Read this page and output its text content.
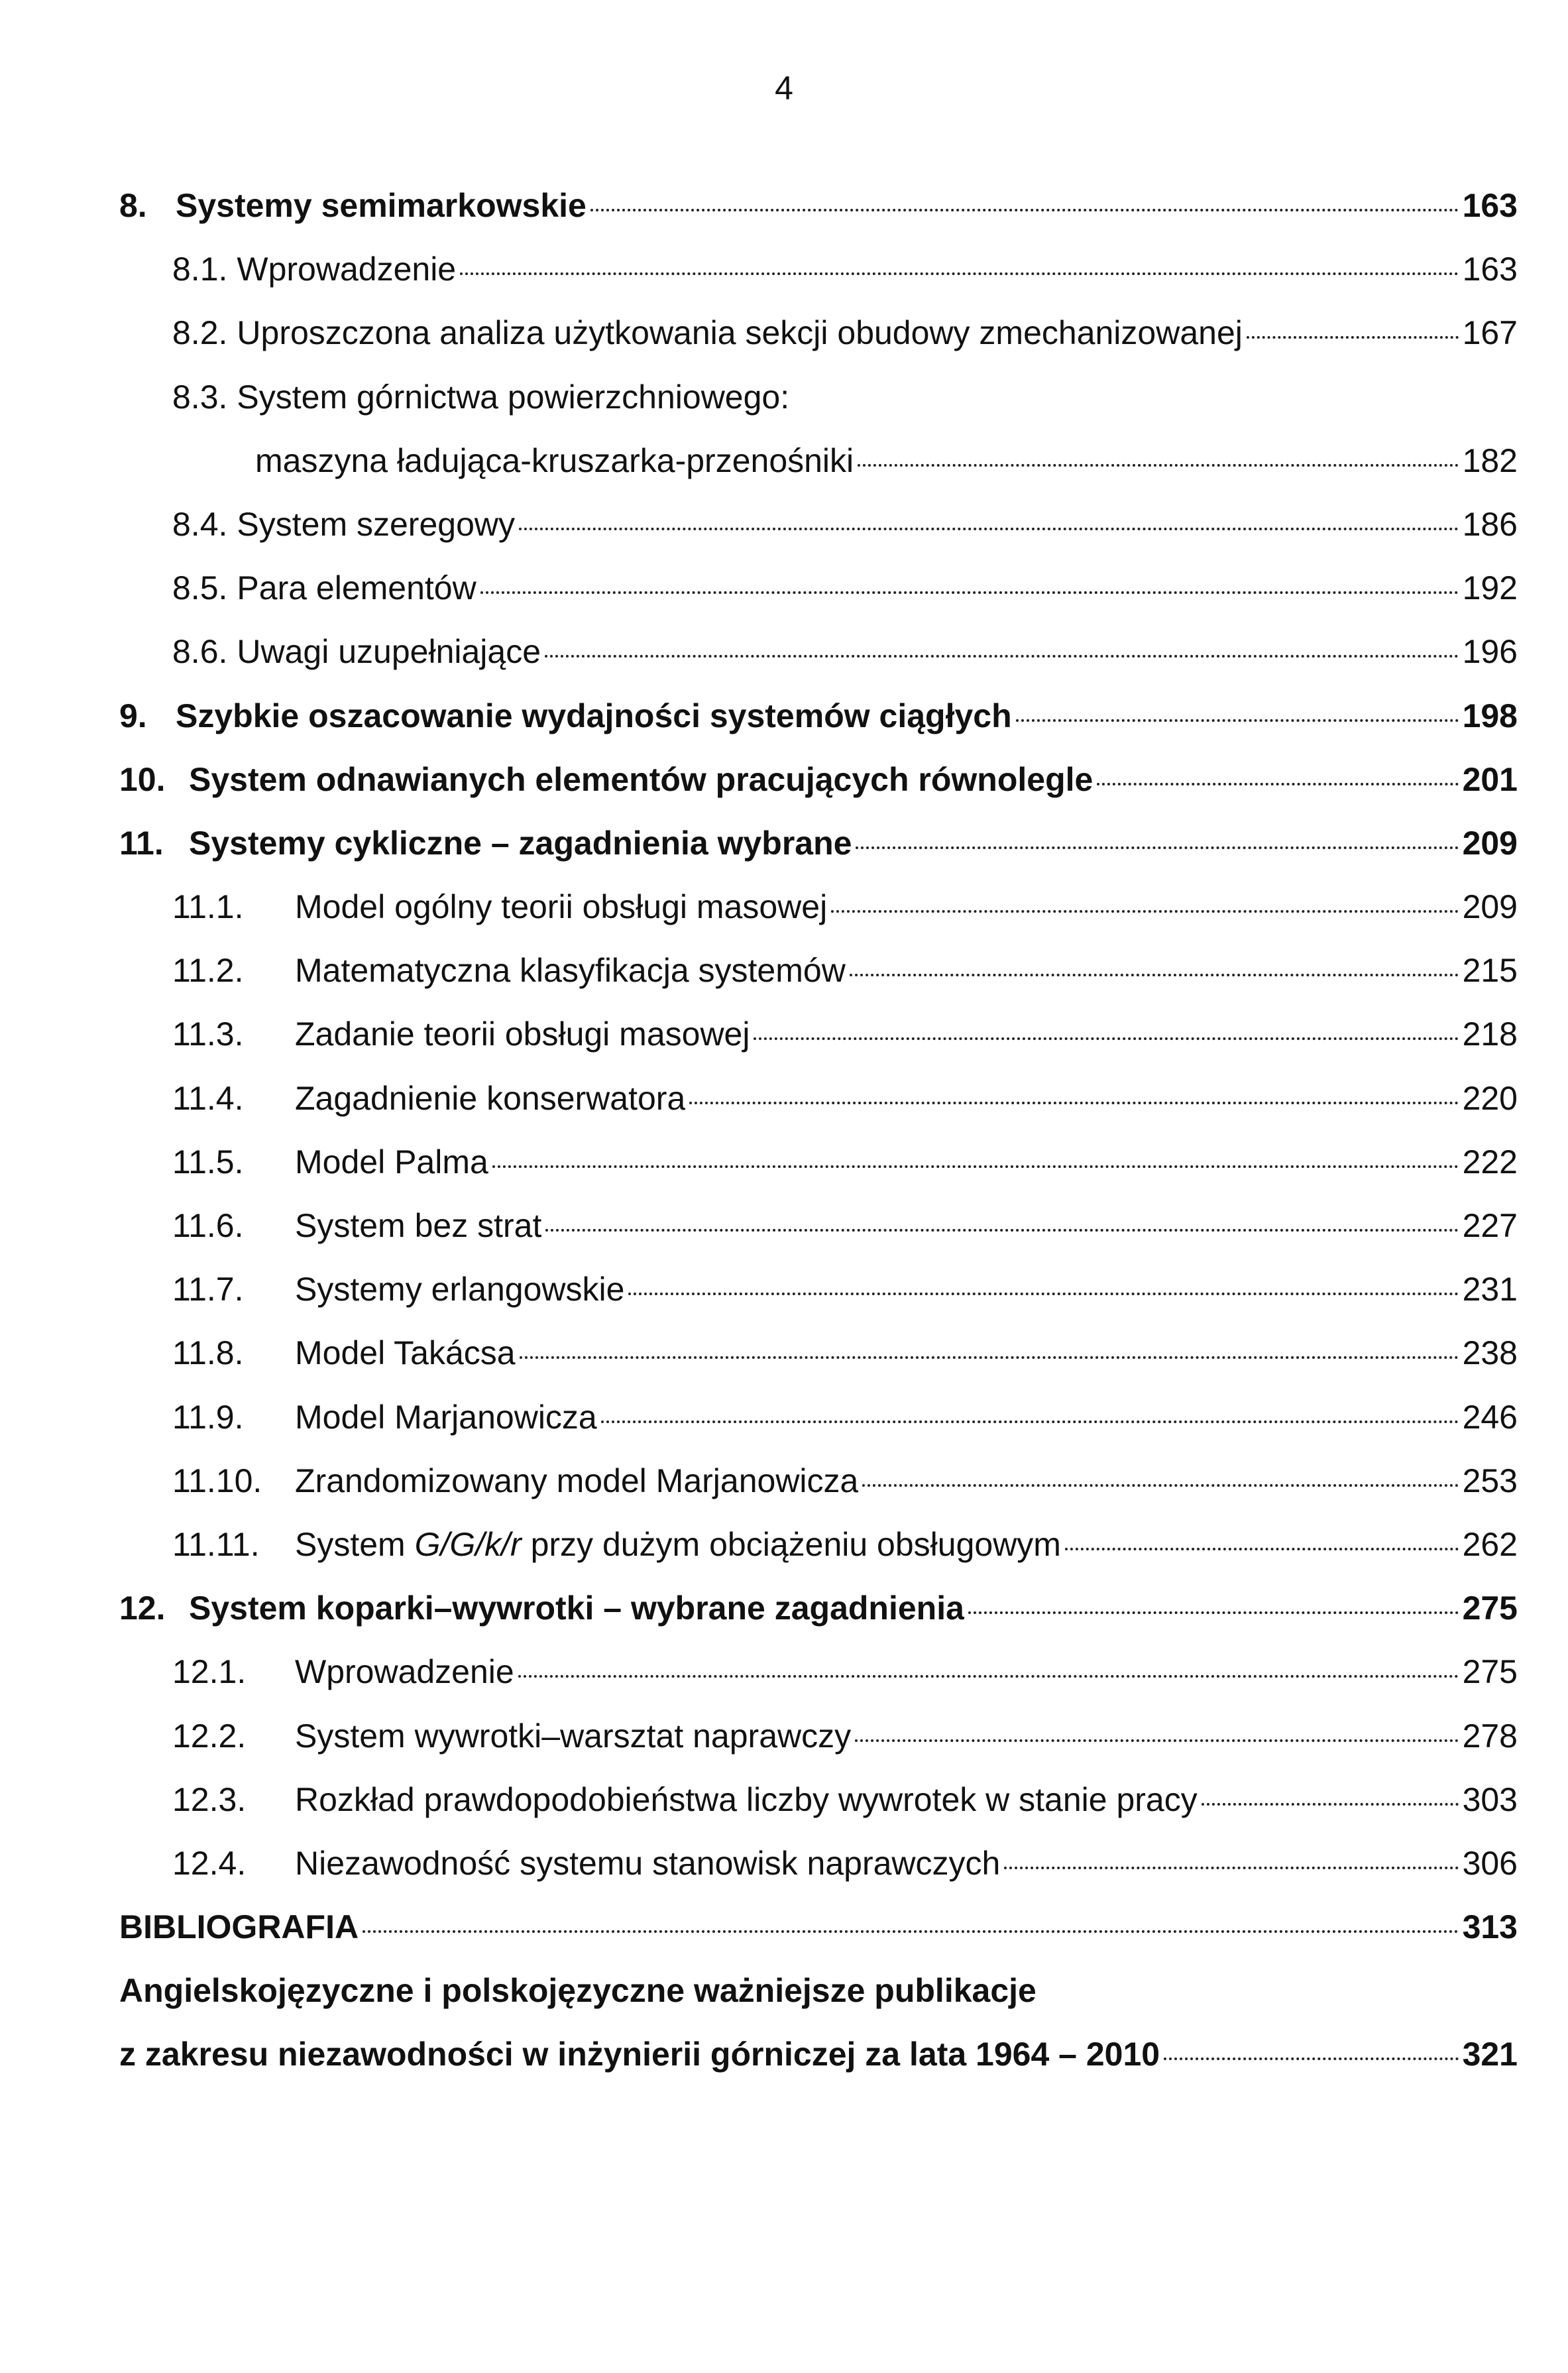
4
8. Systemy semimarkowskie	163
8.1. Wprowadzenie	163
8.2. Uproszczona analiza użytkowania sekcji obudowy zmechanizowanej	167
8.3. System górnictwa powierzchniowego:
maszyna ładująca-kruszarka-przenośniki	182
8.4. System szeregowy	186
8.5. Para elementów	192
8.6. Uwagi uzupełniające	196
9. Szybkie oszacowanie wydajności systemów ciągłych	198
10. System odnawianych elementów pracujących równolegle	201
11. Systemy cykliczne – zagadnienia wybrane	209
11.1.	Model ogólny teorii obsługi masowej	209
11.2.	Matematyczna klasyfikacja systemów	215
11.3.	Zadanie teorii obsługi masowej	218
11.4.	Zagadnienie konserwatora	220
11.5.	Model Palma	222
11.6.	System bez strat	227
11.7.	Systemy erlangowskie	231
11.8.	Model Takácsa	238
11.9.	Model Marjanowicza	246
11.10. Zrandomizowany model Marjanowicza	253
11.11.	System G/G/k/r przy dużym obciążeniu obsługowym	262
12. System koparki–wywrotki – wybrane zagadnienia	275
12.1.	Wprowadzenie	275
12.2.	System wywrotki–warsztat naprawczy	278
12.3.	Rozkład prawdopodobieństwa liczby wywrotek w stanie pracy	303
12.4.	Niezawodność systemu stanowisk naprawczych	306
BIBLIOGRAFIA	313
Angielskojęzyczne i polskojęzyczne ważniejsze publikacje
z zakresu niezawodności w inżynierii górniczej za lata 1964 – 2010	321
